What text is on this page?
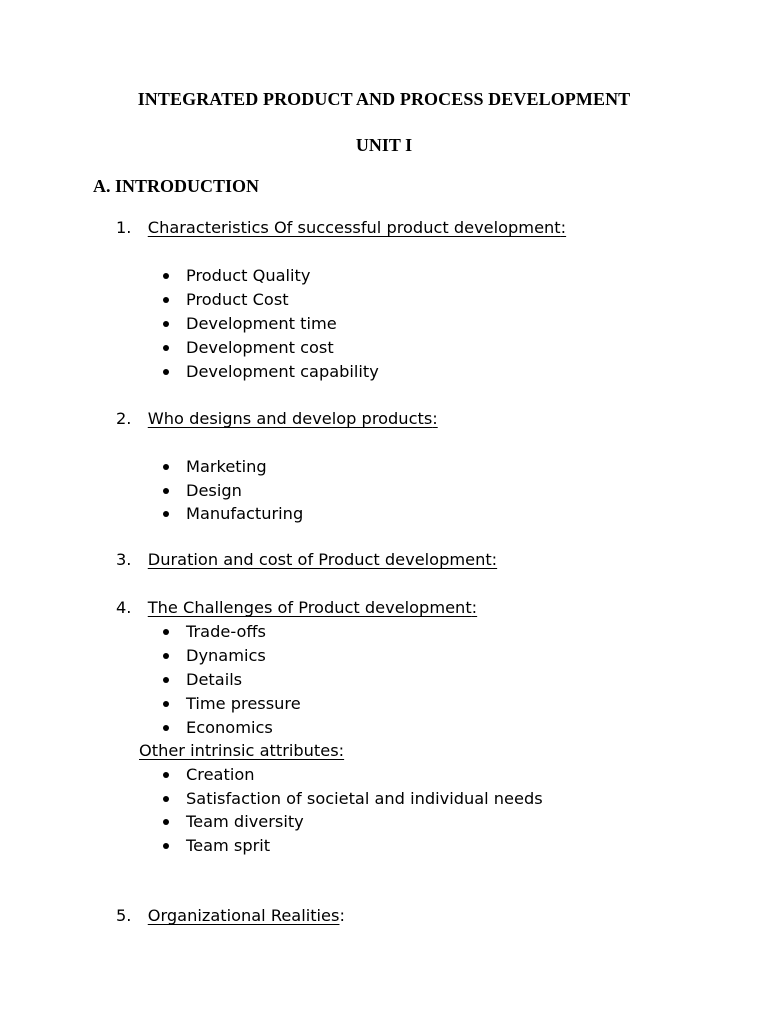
INTEGRATED PRODUCT AND PROCESS DEVELOPMENT
UNIT I
A. INTRODUCTION
1. Characteristics Of successful product development:
Product Quality
Product Cost
Development time
Development cost
Development capability
2. Who designs and develop products:
Marketing
Design
Manufacturing
3. Duration and cost of Product development:
4. The Challenges of Product development:
Trade-offs
Dynamics
Details
Time pressure
Economics
Other intrinsic attributes:
Creation
Satisfaction of societal and individual needs
Team diversity
Team sprit
5. Organizational Realities:
